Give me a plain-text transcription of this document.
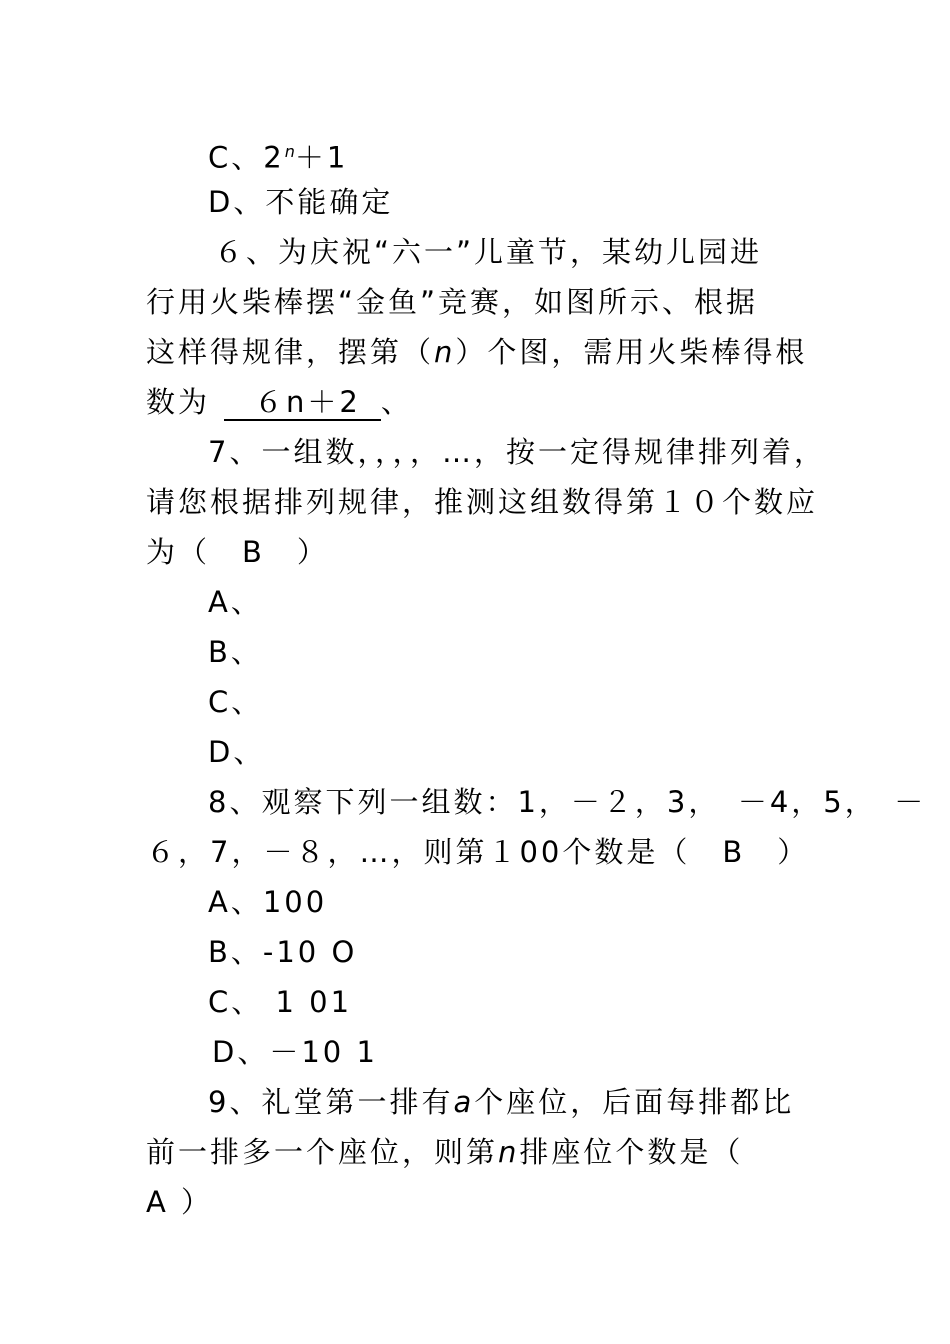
C、$2^n+1$
D、不能确定
６、为庆祝“六一”儿童节，某幼儿园进
行用火柴棒摆“金鱼”竞赛，如图所示、根据
这样得规律，摆第（n）个图，需用火柴棒得根
数为 ６n＋2 、
7、一组数，，，，…，按一定得规律排列着，
请您根据排列规律，推测这组数得第１０个数应
为（　B　）
A、
B、
C、
D、
8、观察下列一组数：1，－２，3，　－4，5，　－
６，7，－８，…，则第１00个数是（　B　）
A、100
B、-10 O
C、 1 01
D、－10 1
9、礼堂第一排有a个座位，后面每排都比
前一排多一个座位，则第n排座位个数是（
A ）
